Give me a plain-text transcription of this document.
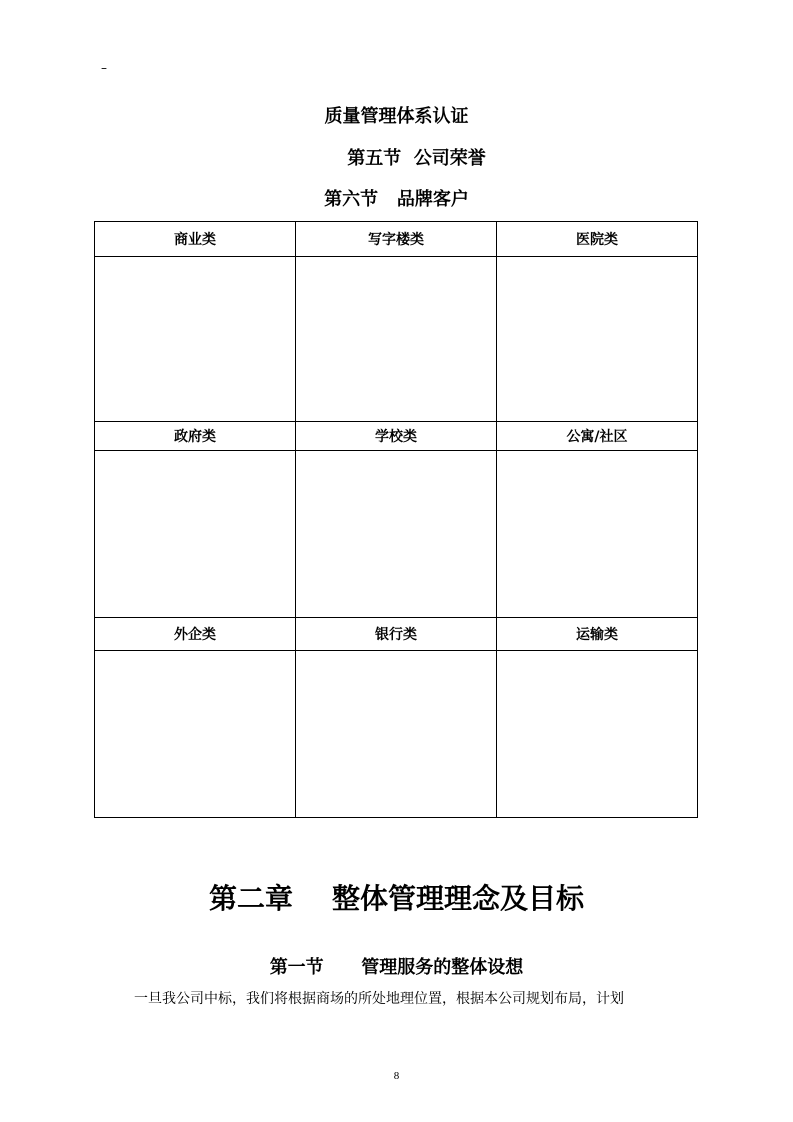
–
质量管理体系认证
第五节  公司荣誉
第六节   品牌客户
商业类	写字楼类	医院类

政府类	学校类	公寓/社区

外企类	银行类	运输类

第二章    整体管理理念及目标
第一节      管理服务的整体设想
一旦我公司中标，我们将根据商场的所处地理位置，根据本公司规划布局，计划
8
